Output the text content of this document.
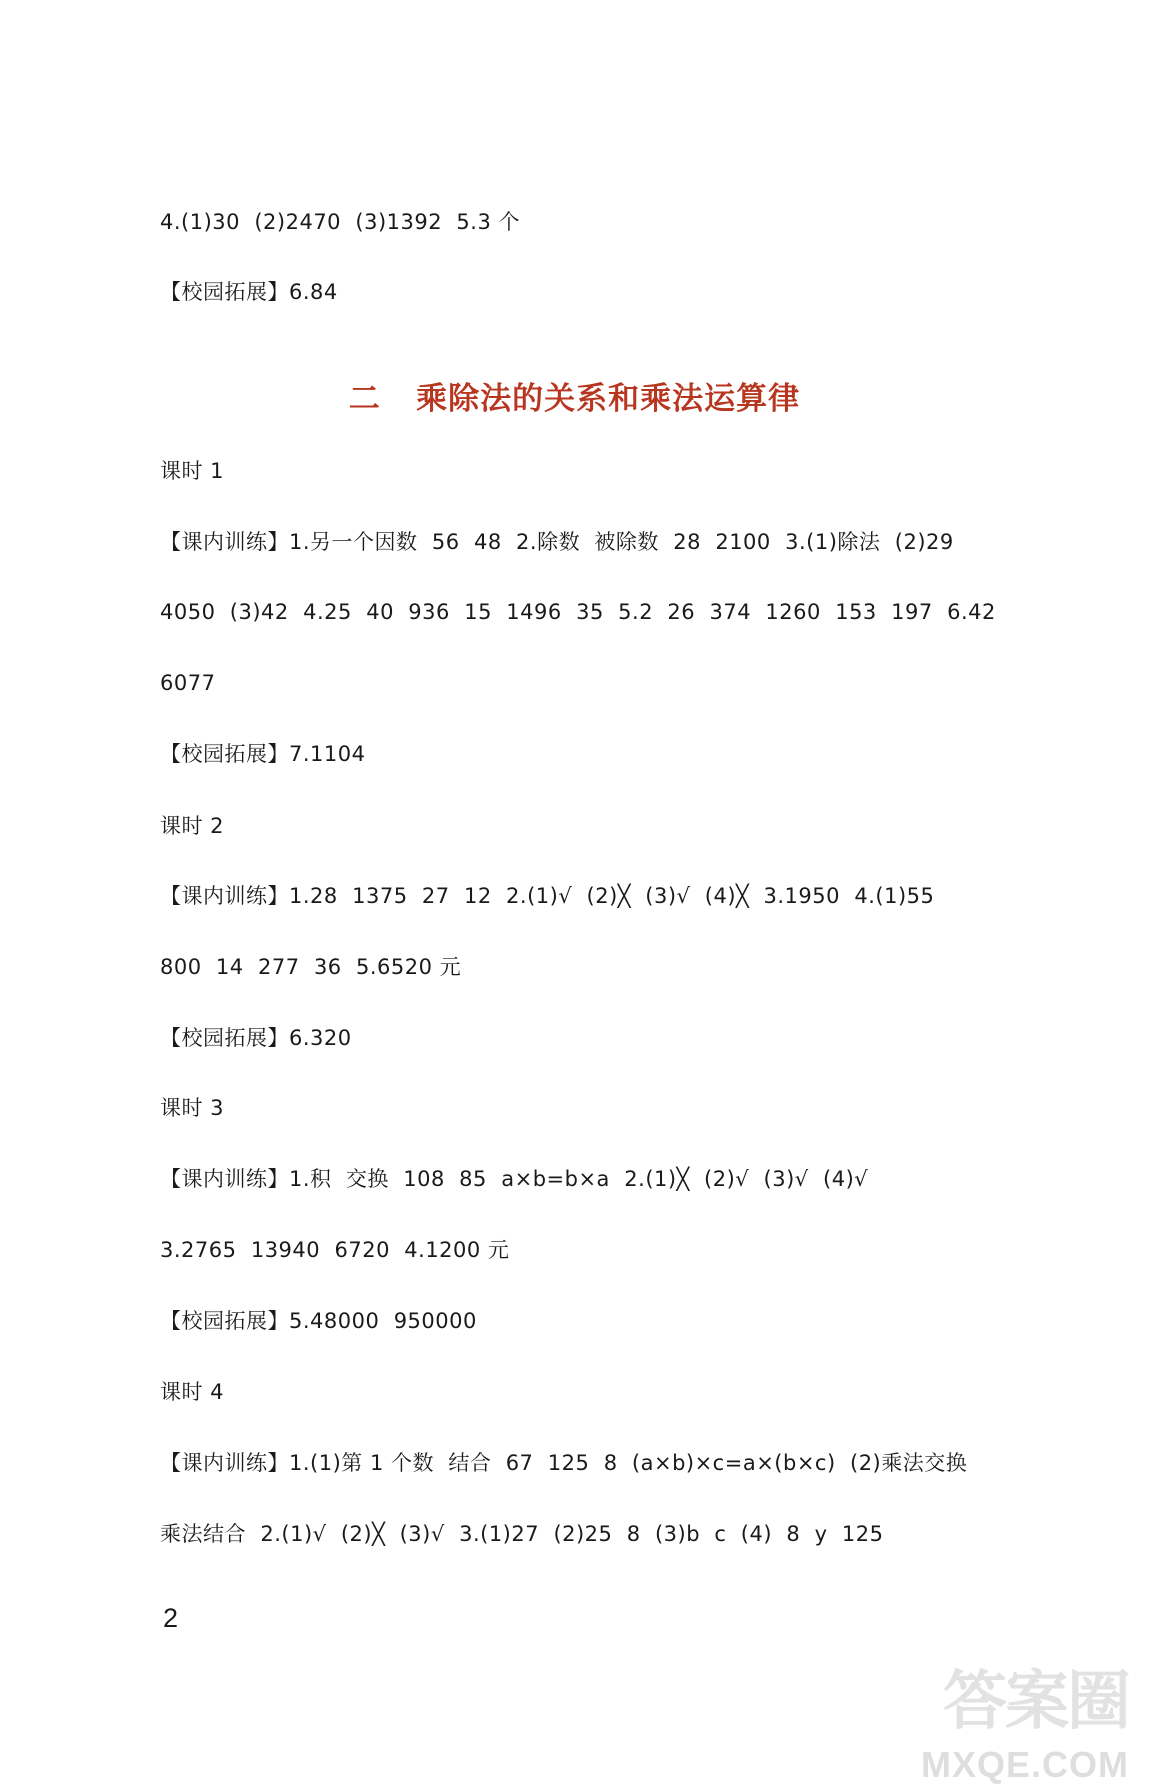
4.(1)30  (2)2470  (3)1392  5.3 个
【校园拓展】6.84
二   乘除法的关系和乘法运算律
课时 1
【课内训练】1.另一个因数  56  48  2.除数  被除数  28  2100  3.(1)除法  (2)29
4050  (3)42  4.25  40  936  15  1496  35  5.2  26  374  1260  153  197  6.42
6077
【校园拓展】7.1104
课时 2
【课内训练】1.28  1375  27  12  2.(1)√  (2)╳  (3)√  (4)╳  3.1950  4.(1)55
800  14  277  36  5.6520 元
【校园拓展】6.320
课时 3
【课内训练】1.积  交换  108  85  a×b=b×a  2.(1)╳  (2)√  (3)√  (4)√
3.2765  13940  6720  4.1200 元
【校园拓展】5.48000  950000
课时 4
【课内训练】1.(1)第 1 个数  结合  67  125  8  (a×b)×c=a×(b×c)  (2)乘法交换
乘法结合  2.(1)√  (2)╳  (3)√  3.(1)27  (2)25  8  (3)b  c  (4)  8  y  125
2
答案圈
MXQE.COM
